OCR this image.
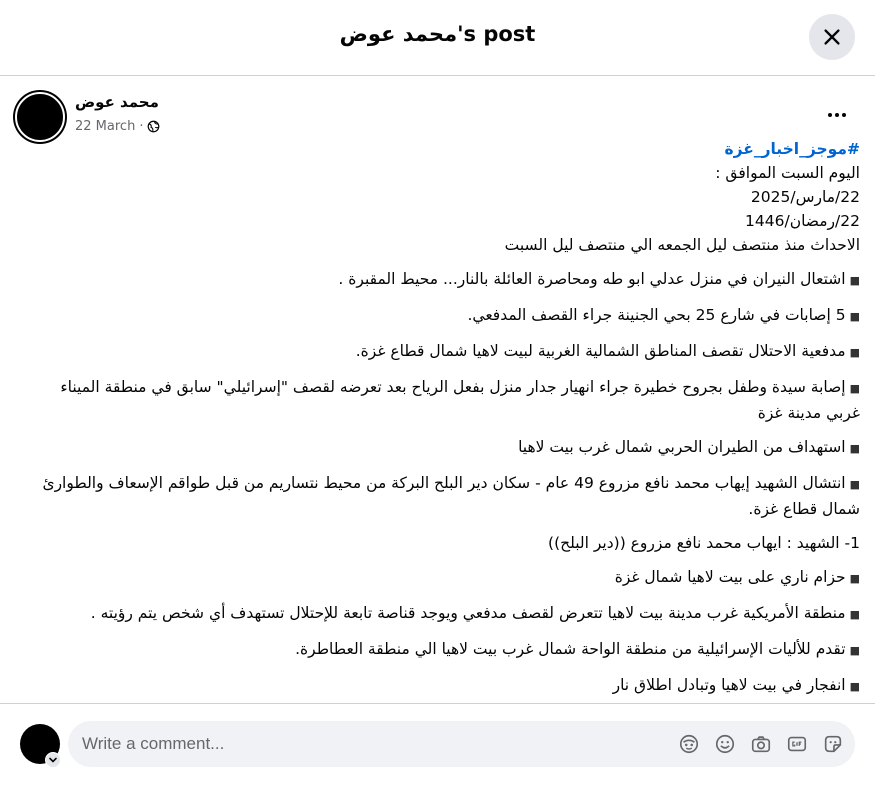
محمد عوض's post
محمد عوض
22 March ·
#موجز_اخبار_غزة
اليوم السبت الموافق :
22/مارس/2025
22/رمضان/1446
الاحداث منذ منتصف ليل الجمعه الي منتصف ليل السبت
■اشتعال النيران في منزل عدلي ابو طه ومحاصرة العائلة بالنار... محيط المقبرة .
■5 إصابات في شارع 25 بحي الجنينة جراء القصف المدفعي.
■مدفعية الاحتلال تقصف المناطق الشمالية الغربية لبيت لاهيا شمال قطاع غزة.
■إصابة سيدة وطفل بجروح خطيرة جراء انهيار جدار منزل بفعل الرياح بعد تعرضه لقصف "إسرائيلي" سابق في منطقة الميناء غربي مدينة غزة
■استهداف من الطيران الحربي شمال غرب بيت لاهيا
■انتشال الشهيد إيهاب محمد نافع مزروع 49 عام - سكان دير البلح البركة من محيط نتساريم من قبل طواقم الإسعاف والطوارئ شمال قطاع غزة.
1- الشهيد : ايهاب محمد نافع مزروع ((دير البلح))
■حزام ناري على بيت لاهيا شمال غزة
■منطقة الأمريكية غرب مدينة بيت لاهيا تتعرض لقصف مدفعي ويوجد قناصة تابعة للإحتلال تستهدف أي شخص يتم رؤيته .
■تقدم للأليات الإسرائيلية من منطقة الواحة شمال غرب بيت لاهيا الي منطقة العطاطرة.
■انفجار في بيت لاهيا وتبادل اطلاق نار
Write a comment...
